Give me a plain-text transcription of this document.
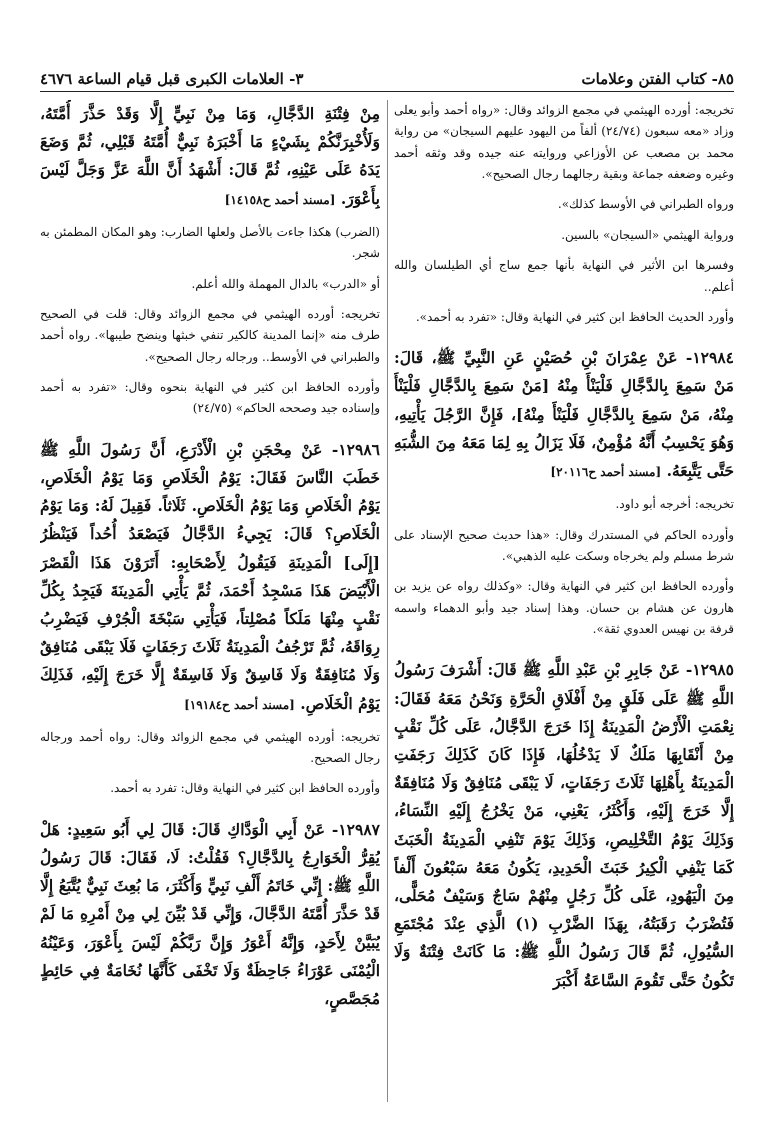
٨٥- كتاب الفتن وعلامات
٣- العلامات الكبرى قبل قيام الساعة ٤٦٧٦

تخريجه: أورده الهيثمي في مجمع الزوائد وقال: «رواه أحمد وأبو يعلى وزاد «معه سبعون (٢٤/٧٤) ألفاً من اليهود عليهم السيجان» من رواية محمد بن مصعب عن الأوزاعي وروايته عنه جيده وقد وثقه أحمد وغيره وضعفه جماعة وبقية رجالهما رجال الصحيح».

ورواه الطبراني في الأوسط كذلك».

ورواية الهيثمي «السيجان» بالسين.

وفسرها ابن الأثير في النهاية بأنها جمع ساج أي الطيلسان والله أعلم..

وأورد الحديث الحافظ ابن كثير في النهاية وقال: «تفرد به أحمد».

١٢٩٨٤- عَنْ عِمْرَانَ بْنِ حُصَيْنٍ عَنِ النَّبِيِّ ﷺ، قَالَ: مَنْ سَمِعَ بِالدَّجَّالِ فَلْيَنْأَ مِنْهُ [مَنْ سَمِعَ بِالدَّجَّالِ فَلْيَنْأَ مِنْهُ، مَنْ سَمِعَ بِالدَّجَّالِ فَلْيَنْأَ مِنْهُ]، فَإِنَّ الرَّجُلَ يَأْتِيهِ، وَهُوَ يَحْسِبُ أَنَّهُ مُؤْمِنٌ، فَلَا يَزَالُ بِهِ لِمَا مَعَهُ مِنَ الشُّبَهِ حَتَّى يَتَّبِعَهُ. [مسند أحمد ح٢٠١١٦]

تخريجه: أخرجه أبو داود.

وأورده الحاكم في المستدرك وقال: «هذا حديث صحيح الإسناد على شرط مسلم ولم يخرجاه وسكت عليه الذهبي».

وأورده الحافظ ابن كثير في النهاية وقال: «وكذلك رواه عن يزيد بن هارون عن هشام بن حسان. وهذا إسناد جيد وأبو الدهماء واسمه قرفة بن نهيس العدوي ثقة».

١٢٩٨٥- عَنْ جَابِرِ بْنِ عَبْدِ اللَّهِ ﷺ قَالَ: أَشْرَفَ رَسُولُ اللَّهِ ﷺ عَلَى فَلَقٍ مِنْ أَفْلَاقِ الْحَرَّةِ وَنَحْنُ مَعَهُ فَقَالَ: نِعْمَتِ الْأَرْضُ الْمَدِينَةُ إِذَا خَرَجَ الدَّجَّالُ، عَلَى كُلِّ نَقْبٍ مِنْ أَنْقَابِهَا مَلَكٌ لَا يَدْخُلُهَا، فَإِذَا كَانَ كَذَلِكَ رَجَفَتِ الْمَدِينَةُ بِأَهْلِهَا ثَلَاثَ رَجَفَاتٍ، لَا يَبْقَى مُنَافِقٌ وَلَا مُنَافِقَةٌ إِلَّا خَرَجَ إِلَيْهِ، وَأَكْثَرُ، يَعْنِي، مَنْ يَخْرُجُ إِلَيْهِ النِّسَاءُ، وَذَلِكَ يَوْمُ التَّخْلِيصِ، وَذَلِكَ يَوْمَ تَنْفِي الْمَدِينَةُ الْخَبَثَ كَمَا يَنْفِي الْكِيرُ خَبَثَ الْحَدِيدِ، يَكُونُ مَعَهُ سَبْعُونَ أَلْفاً مِنَ الْيَهُودِ، عَلَى كُلِّ رَجُلٍ مِنْهُمْ سَاجٌ وَسَيْفٌ مُحَلًّى، فَتُضْرَبُ رَقَبَتُهُ، بِهَذَا الضَّرْبِ (١) الَّذِي عِنْدَ مُجْتَمَعِ السُّيُولِ، ثُمَّ قَالَ رَسُولُ اللَّهِ ﷺ: مَا كَانَتْ فِتْنَةٌ وَلَا تَكُونُ حَتَّى تَقُومَ السَّاعَةُ أَكْبَرَ

مِنْ فِتْنَةِ الدَّجَّالِ، وَمَا مِنْ نَبِيٍّ إِلَّا وَقَدْ حَذَّرَ أُمَّتَهُ، وَلَأُخْبِرَنَّكُمْ بِشَيْءٍ مَا أَخْبَرَهُ نَبِيٌّ أُمَّتَهُ قَبْلِي، ثُمَّ وَضَعَ يَدَهُ عَلَى عَيْنِهِ، ثُمَّ قَالَ: أَشْهَدُ أَنَّ اللَّهَ عَزَّ وَجَلَّ لَيْسَ بِأَعْوَرَ. [مسند أحمد ح١٤١٥٨]

(الضرب) هكذا جاءت بالأصل ولعلها الضارب: وهو المكان المطمئن به شجر.

أو «الدرب» بالدال المهملة والله أعلم.

تخريجه: أورده الهيثمي في مجمع الزوائد وقال: قلت في الصحيح طرف منه «إنما المدينة كالكير تنفي خبثها وينضح طيبها». رواه أحمد والطبراني في الأوسط.. ورجاله رجال الصحيح».

وأورده الحافظ ابن كثير في النهاية بنحوه وقال: «تفرد به أحمد وإسناده جيد وصححه الحاكم» (٢٤/٧٥)

١٢٩٨٦- عَنْ مِحْجَنِ بْنِ الْأَدْرَعِ، أَنَّ رَسُولَ اللَّهِ ﷺ خَطَبَ النَّاسَ فَقَالَ: يَوْمُ الْخَلَاصِ وَمَا يَوْمُ الْخَلَاصِ، يَوْمُ الْخَلَاصِ وَمَا يَوْمُ الْخَلَاصِ. ثَلَاثاً. فَقِيلَ لَهُ: وَمَا يَوْمُ الْخَلَاصِ؟ قَالَ: يَجِيءُ الدَّجَّالُ فَيَصْعَدُ أُحُداً فَيَنْظُرُ [إِلَى] الْمَدِينَةِ فَيَقُولُ لِأَصْحَابِهِ: أَتَرَوْنَ هَذَا الْقَصْرَ الْأَبْيَضَ هَذَا مَسْجِدُ أَحْمَدَ، ثُمَّ يَأْتِي الْمَدِينَةَ فَيَجِدُ بِكُلِّ نَقْبٍ مِنْهَا مَلَكاً مُصْلِتاً، فَيَأْتِي سَبْخَةَ الْجُرْفِ فَيَضْرِبُ رِوَاقَهُ، ثُمَّ تَرْجُفُ الْمَدِينَةُ ثَلَاثَ رَجَفَاتٍ فَلَا يَبْقَى مُنَافِقٌ وَلَا مُنَافِقَةٌ وَلَا فَاسِقٌ وَلَا فَاسِقَةٌ إِلَّا خَرَجَ إِلَيْهِ، فَذَلِكَ يَوْمُ الْخَلَاصِ. [مسند أحمد ح١٩١٨٤]

تخريجه: أورده الهيثمي في مجمع الزوائد وقال: رواه أحمد ورجاله رجال الصحيح.

وأورده الحافظ ابن كثير في النهاية وقال: تفرد به أحمد.

١٢٩٨٧- عَنْ أَبِي الْوَدَّاكِ قَالَ: قَالَ لِي أَبُو سَعِيدٍ: هَلْ يُقِرُّ الْخَوَارِجُ بِالدَّجَّالِ؟ فَقُلْتُ: لَا، فَقَالَ: قَالَ رَسُولُ اللَّهِ ﷺ: إِنِّي خَاتَمُ أَلْفِ نَبِيٍّ وَأَكْثَرَ، مَا بُعِثَ نَبِيٌّ يُتَّبَعُ إِلَّا قَدْ حَذَّرَ أُمَّتَهُ الدَّجَّالَ، وَإِنِّي قَدْ بُيِّنَ لِي مِنْ أَمْرِهِ مَا لَمْ يُبَيَّنْ لِأَحَدٍ، وَإِنَّهُ أَعْوَرُ وَإِنَّ رَبَّكُمْ لَيْسَ بِأَعْوَرَ، وَعَيْنُهُ الْيُمْنَى عَوْرَاءُ جَاحِظَةٌ وَلَا تَخْفَى كَأَنَّهَا نُخَامَةٌ فِي حَائِطٍ مُجَصَّصٍ،
